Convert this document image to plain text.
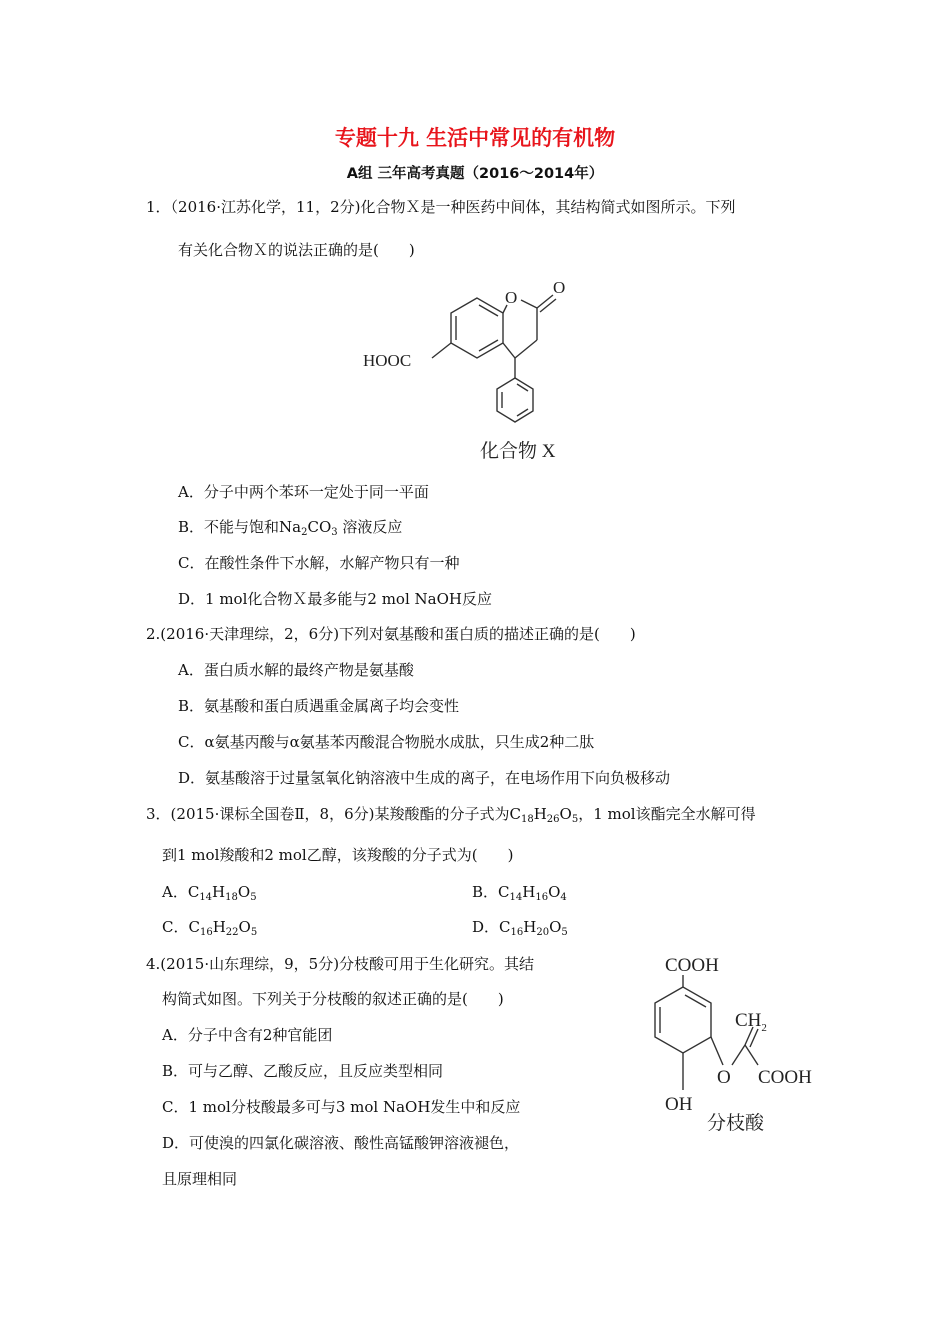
专题十九 生活中常见的有机物
A组 三年高考真题（2016～2014年）
1．（2016·江苏化学，11，2分)化合物Ｘ是一种医药中间体，其结构简式如图所示。下列
有关化合物Ｘ的说法正确的是(　　)
O
O
HOOC
化合物 X
A．分子中两个苯环一定处于同一平面
B．不能与饱和$Na_2CO_3$ 溶液反应
C．在酸性条件下水解，水解产物只有一种
D．1 mol化合物Ｘ最多能与2 mol NaOH反应
2.(2016·天津理综，2，6分)下列对氨基酸和蛋白质的描述正确的是(　　)
A．蛋白质水解的最终产物是氨基酸
B．氨基酸和蛋白质遇重金属离子均会变性
C．α氨基丙酸与α氨基苯丙酸混合物脱水成肽，只生成2种二肽
D．氨基酸溶于过量氢氧化钠溶液中生成的离子，在电场作用下向负极移动
3．(2015·课标全国卷Ⅱ，8，6分)某羧酸酯的分子式为$C_{18}H_{26}O_5$，1 mol该酯完全水解可得
到1 mol羧酸和2 mol乙醇，该羧酸的分子式为(　　)
A．$C_{14}H_{18}O_5$	B．$C_{14}H_{16}O_4$
C．$C_{16}H_{22}O_5$	D．$C_{16}H_{20}O_5$
4.(2015·山东理综，9，5分)分枝酸可用于生化研究。其结
构简式如图。下列关于分枝酸的叙述正确的是(　　)
A．分子中含有2种官能团
B．可与乙醇、乙酸反应，且反应类型相同
C．1 mol分枝酸最多可与3 mol NaOH发生中和反应
D．可使溴的四氯化碳溶液、酸性高锰酸钾溶液褪色，
且原理相同
COOH
$CH_2$
O COOH
OH
分枝酸
